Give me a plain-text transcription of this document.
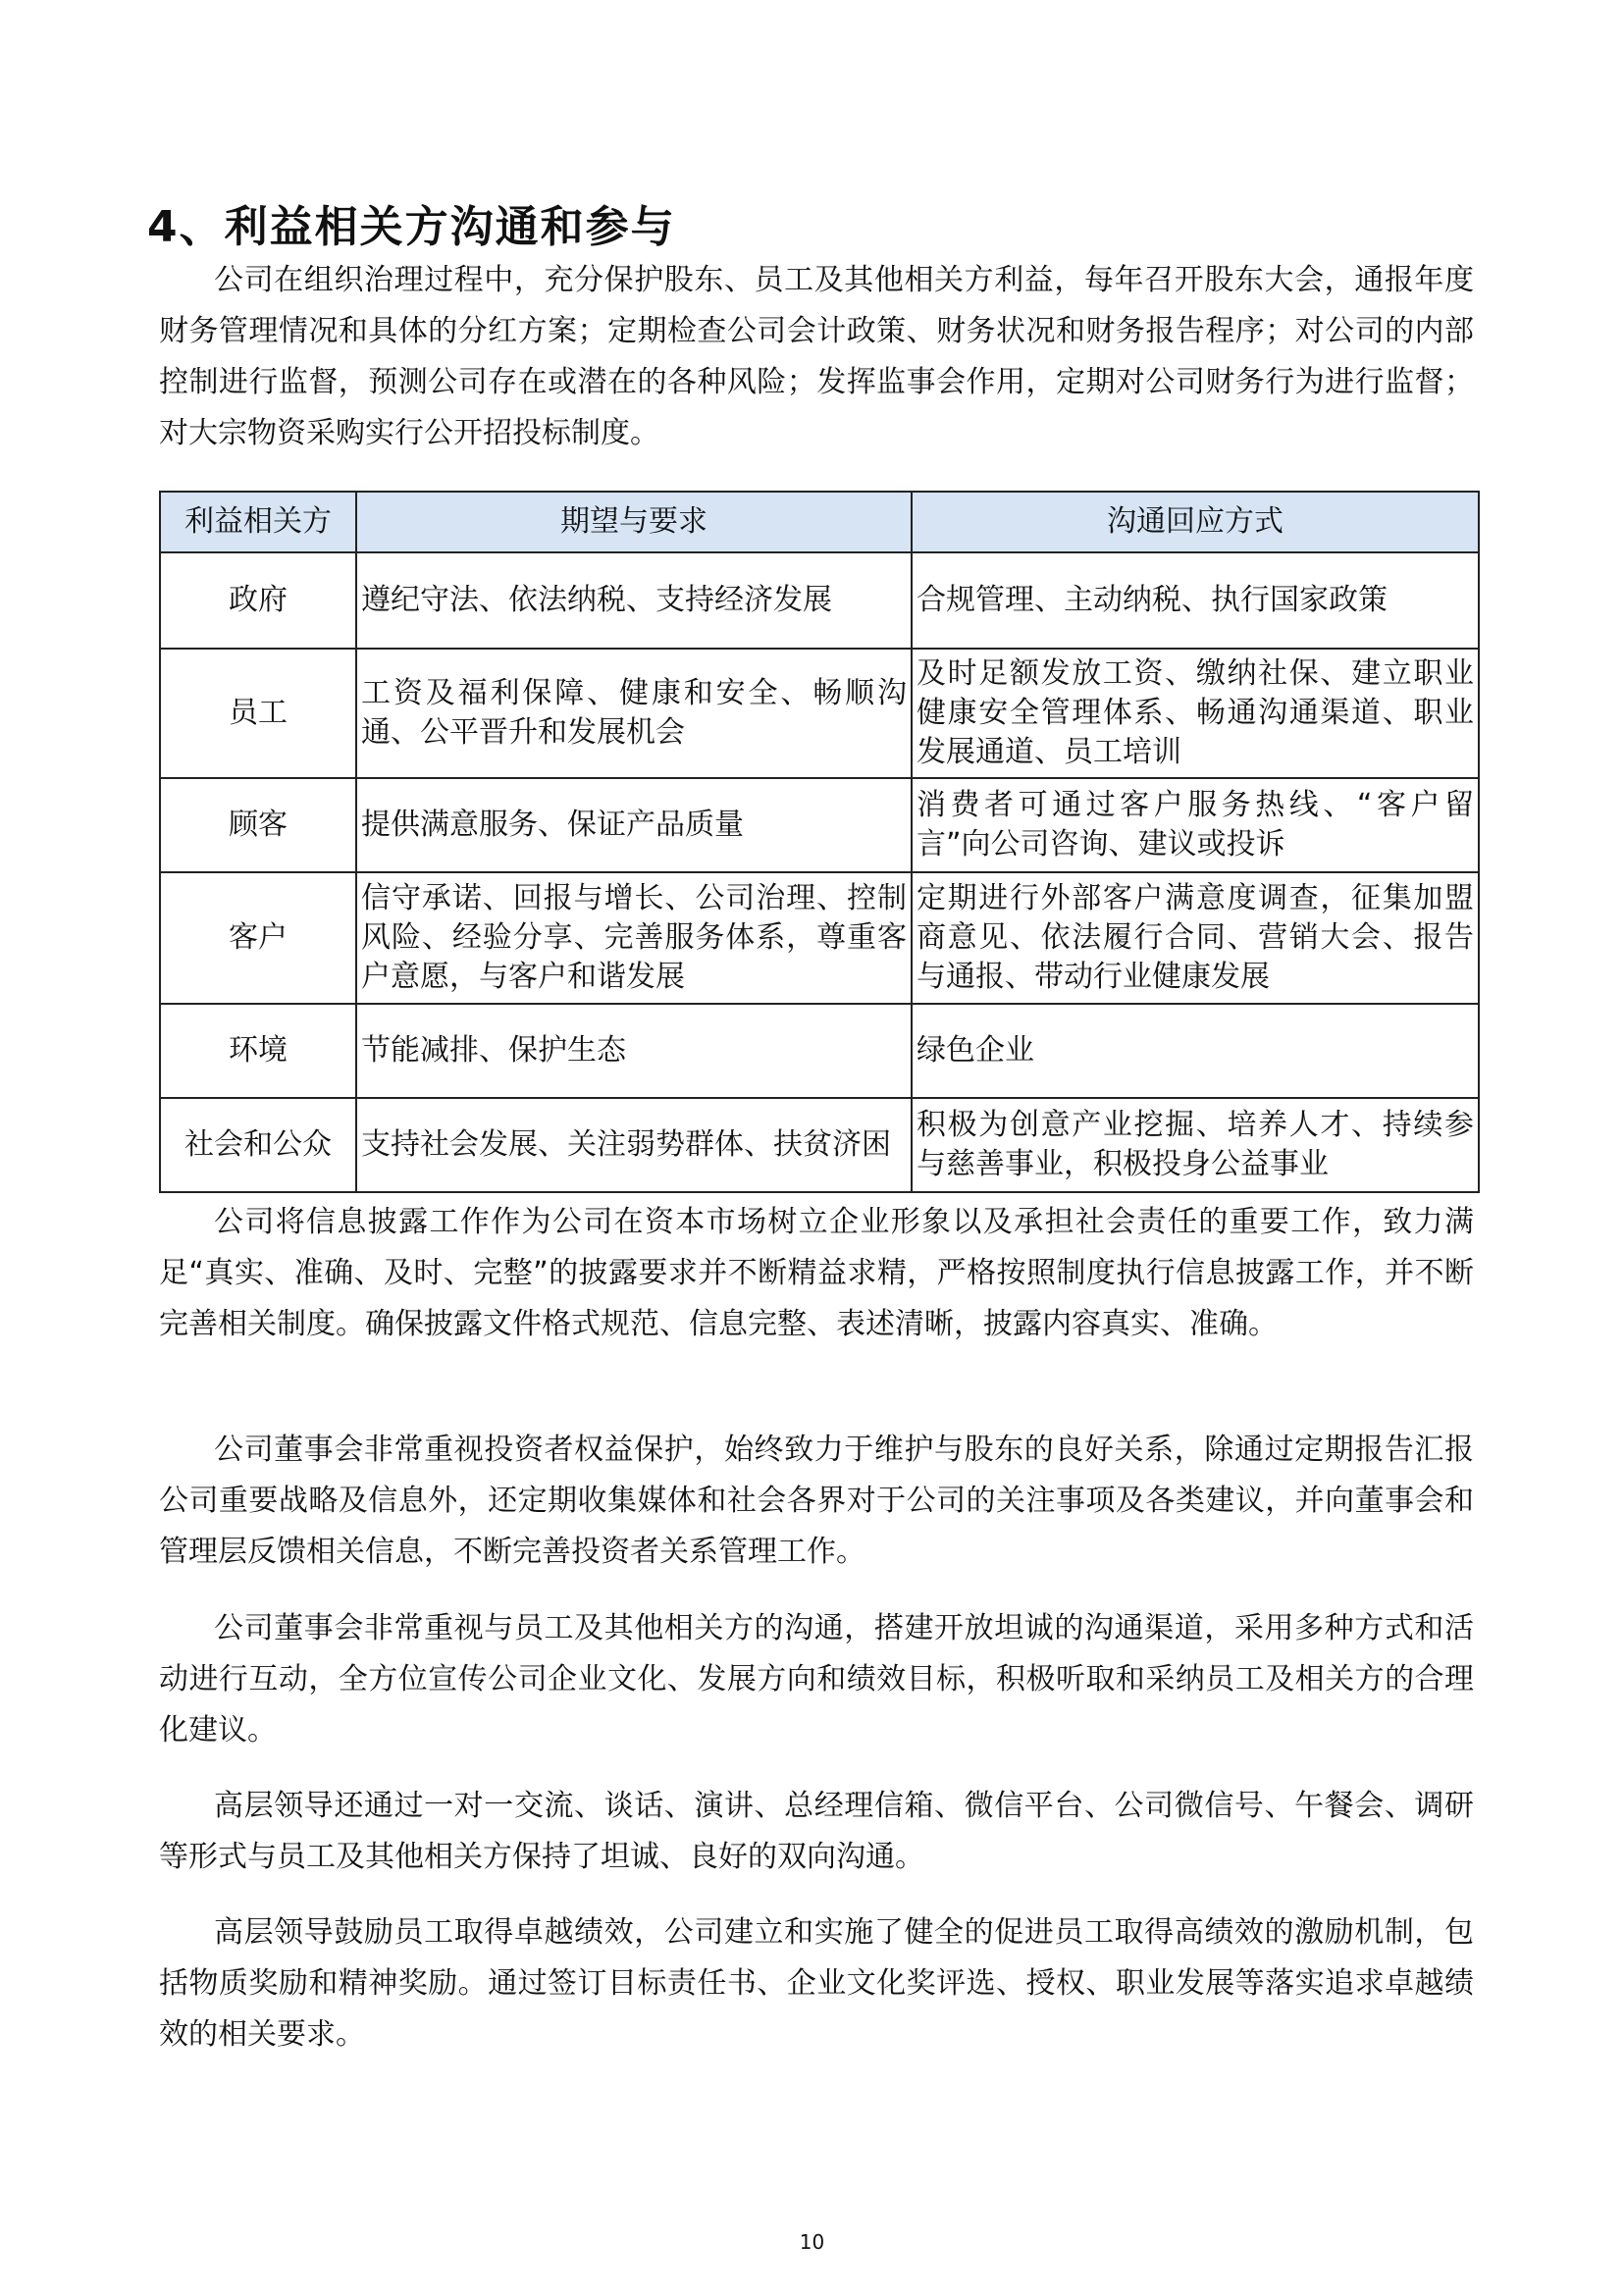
4、利益相关方沟通和参与

公司在组织治理过程中，充分保护股东、员工及其他相关方利益，每年召开股东大会，通报年度财务管理情况和具体的分红方案；定期检查公司会计政策、财务状况和财务报告程序；对公司的内部控制进行监督，预测公司存在或潜在的各种风险；发挥监事会作用，定期对公司财务行为进行监督；对大宗物资采购实行公开招投标制度。

利益相关方	期望与要求	沟通回应方式
政府	遵纪守法、依法纳税、支持经济发展	合规管理、主动纳税、执行国家政策
员工	工资及福利保障、健康和安全、畅顺沟通、公平晋升和发展机会	及时足额发放工资、缴纳社保、建立职业健康安全管理体系、畅通沟通渠道、职业发展通道、员工培训
顾客	提供满意服务、保证产品质量	消费者可通过客户服务热线、“客户留言”向公司咨询、建议或投诉
客户	信守承诺、回报与增长、公司治理、控制风险、经验分享、完善服务体系，尊重客户意愿，与客户和谐发展	定期进行外部客户满意度调查，征集加盟商意见、依法履行合同、营销大会、报告与通报、带动行业健康发展
环境	节能减排、保护生态	绿色企业
社会和公众	支持社会发展、关注弱势群体、扶贫济困	积极为创意产业挖掘、培养人才、持续参与慈善事业，积极投身公益事业

公司将信息披露工作作为公司在资本市场树立企业形象以及承担社会责任的重要工作，致力满足“真实、准确、及时、完整”的披露要求并不断精益求精，严格按照制度执行信息披露工作，并不断完善相关制度。确保披露文件格式规范、信息完整、表述清晰，披露内容真实、准确。

公司董事会非常重视投资者权益保护，始终致力于维护与股东的良好关系，除通过定期报告汇报公司重要战略及信息外，还定期收集媒体和社会各界对于公司的关注事项及各类建议，并向董事会和管理层反馈相关信息，不断完善投资者关系管理工作。

公司董事会非常重视与员工及其他相关方的沟通，搭建开放坦诚的沟通渠道，采用多种方式和活动进行互动，全方位宣传公司企业文化、发展方向和绩效目标，积极听取和采纳员工及相关方的合理化建议。

高层领导还通过一对一交流、谈话、演讲、总经理信箱、微信平台、公司微信号、午餐会、调研等形式与员工及其他相关方保持了坦诚、良好的双向沟通。

高层领导鼓励员工取得卓越绩效，公司建立和实施了健全的促进员工取得高绩效的激励机制，包括物质奖励和精神奖励。通过签订目标责任书、企业文化奖评选、授权、职业发展等落实追求卓越绩效的相关要求。

10
